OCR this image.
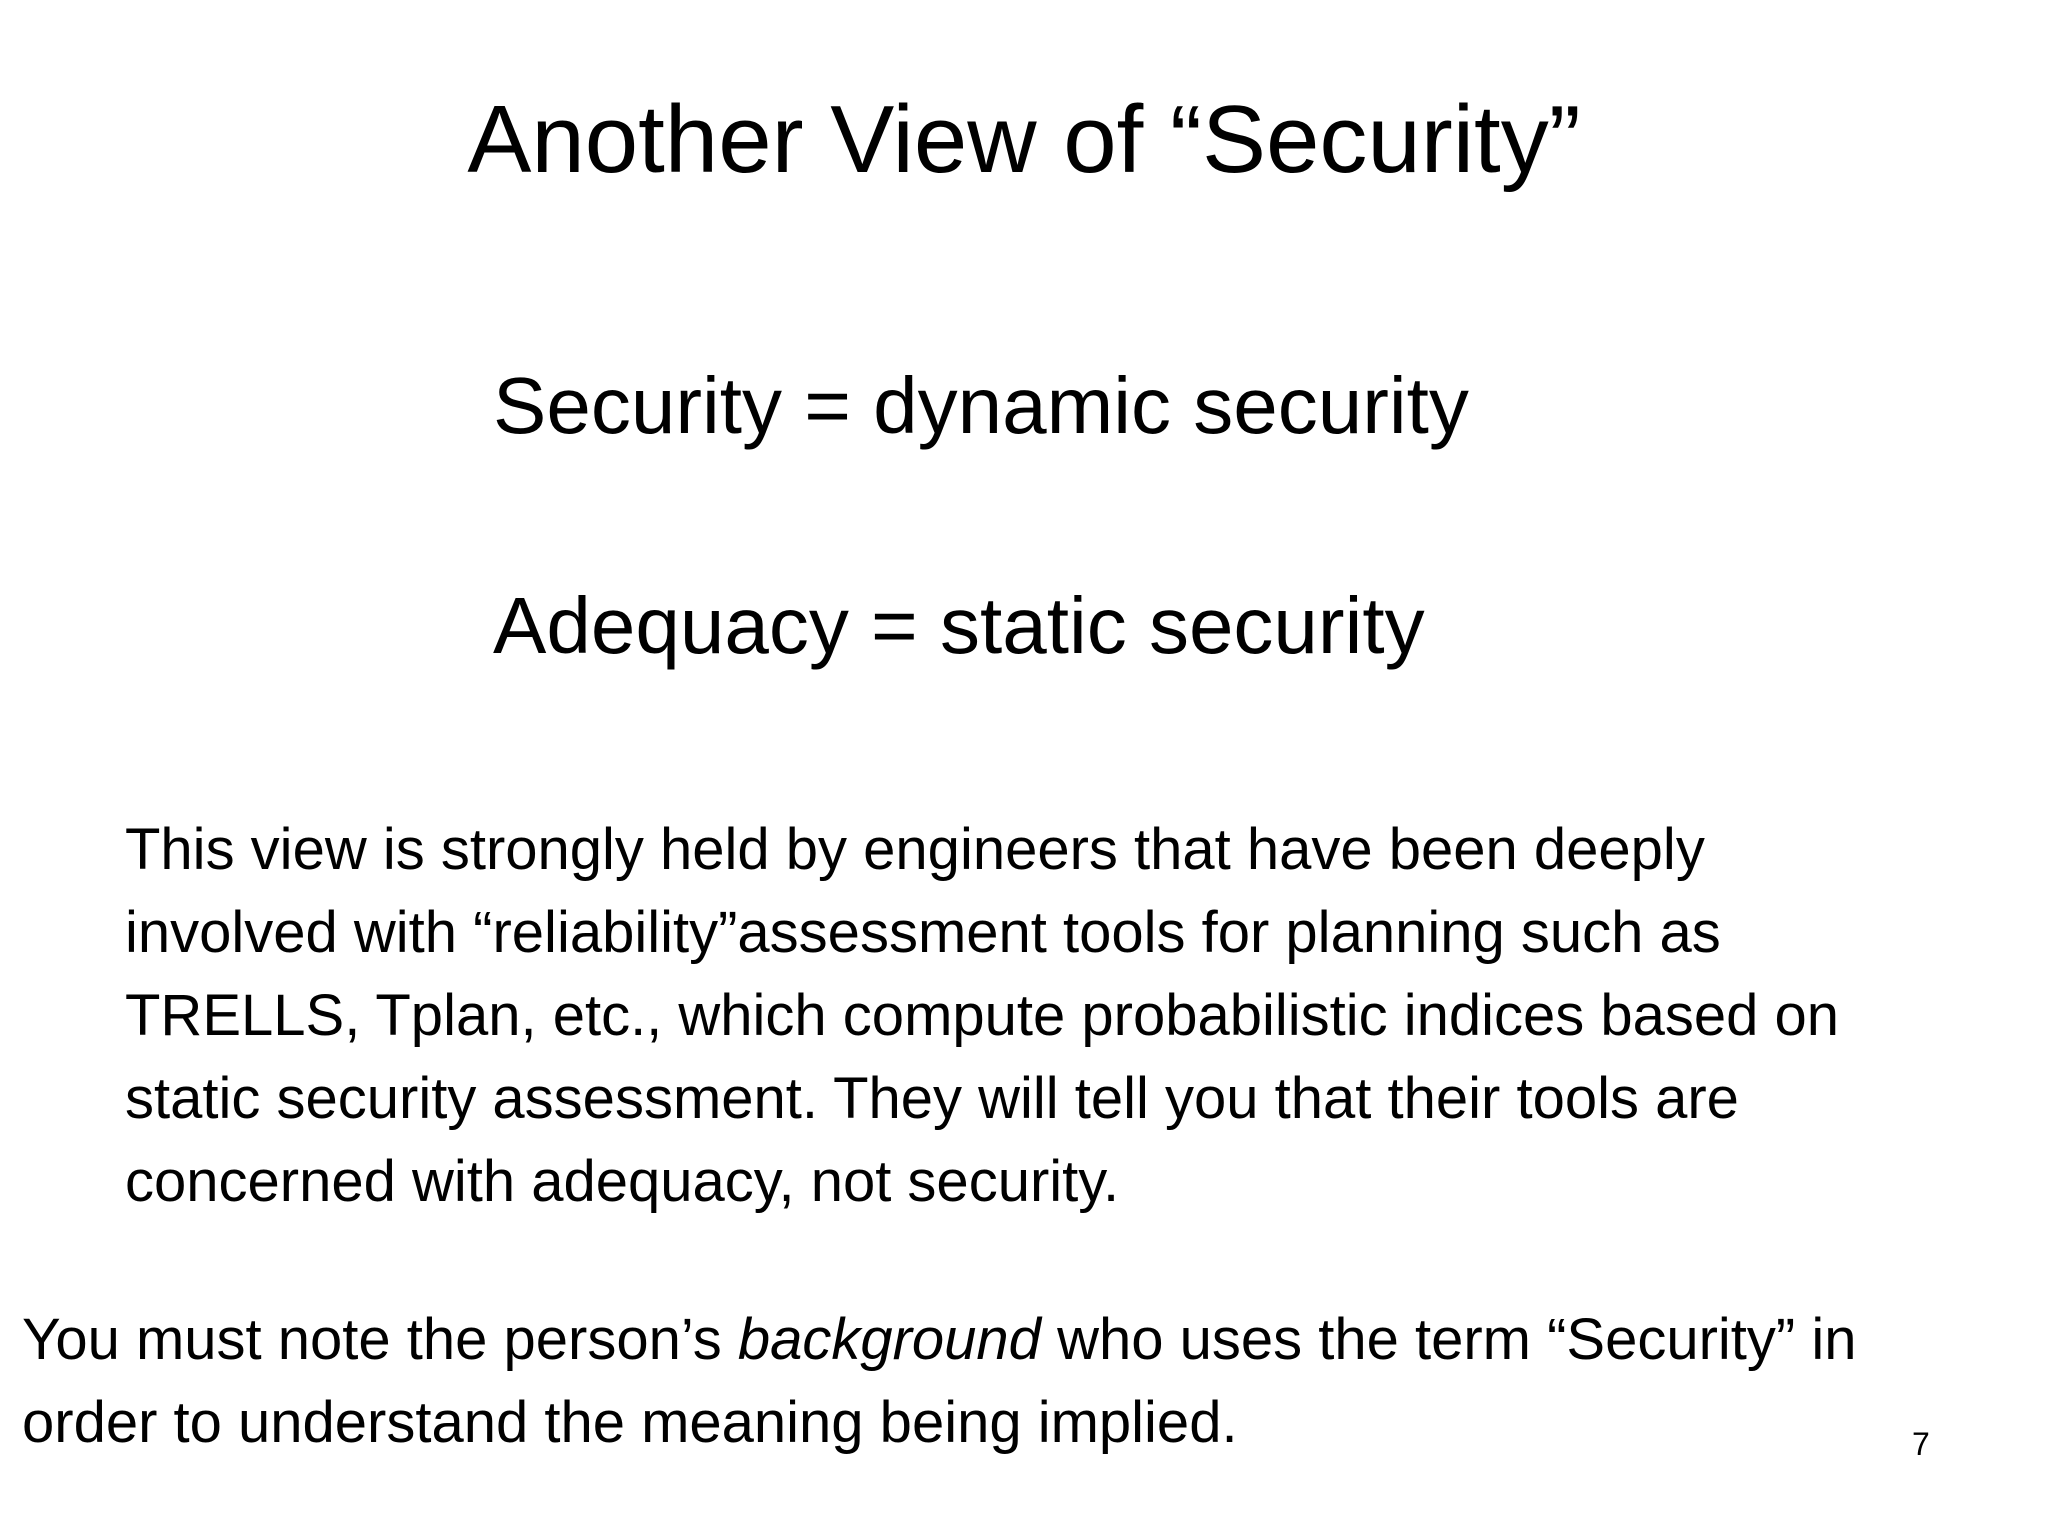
Another View of “Security”
Security = dynamic security
Adequacy = static security
This view is strongly held by engineers that have been deeply
involved with “reliability”assessment tools for planning such as
TRELLS, Tplan, etc., which compute probabilistic indices based on
static security assessment. They will tell you that their tools are
concerned with adequacy, not security.
You must note the person’s background who uses the term “Security” in
order to understand the meaning being implied.	7
